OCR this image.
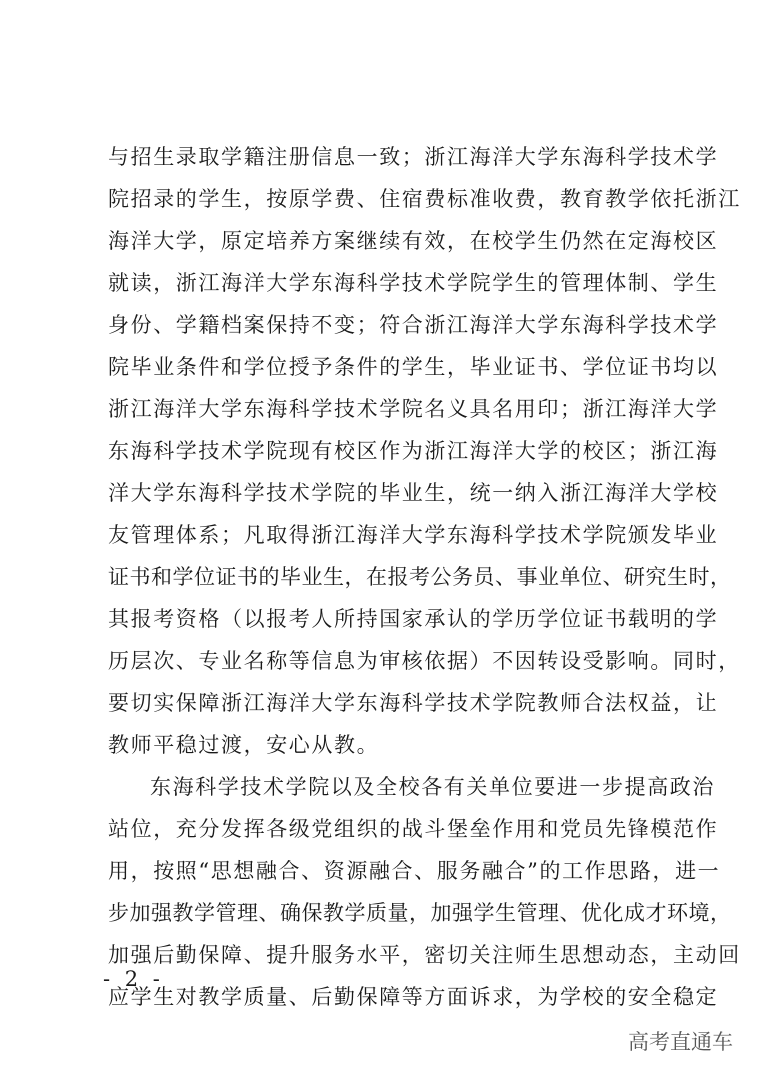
与招生录取学籍注册信息一致；浙江海洋大学东海科学技术学
院招录的学生，按原学费、住宿费标准收费，教育教学依托浙江
海洋大学，原定培养方案继续有效，在校学生仍然在定海校区
就读，浙江海洋大学东海科学技术学院学生的管理体制、学生
身份、学籍档案保持不变；符合浙江海洋大学东海科学技术学
院毕业条件和学位授予条件的学生，毕业证书、学位证书均以
浙江海洋大学东海科学技术学院名义具名用印；浙江海洋大学
东海科学技术学院现有校区作为浙江海洋大学的校区；浙江海
洋大学东海科学技术学院的毕业生，统一纳入浙江海洋大学校
友管理体系；凡取得浙江海洋大学东海科学技术学院颁发毕业
证书和学位证书的毕业生，在报考公务员、事业单位、研究生时，
其报考资格（以报考人所持国家承认的学历学位证书载明的学
历层次、专业名称等信息为审核依据）不因转设受影响。同时，
要切实保障浙江海洋大学东海科学技术学院教师合法权益，让
教师平稳过渡，安心从教。
东海科学技术学院以及全校各有关单位要进一步提高政治
站位，充分发挥各级党组织的战斗堡垒作用和党员先锋模范作
用，按照“思想融合、资源融合、服务融合”的工作思路，进一
步加强教学管理、确保教学质量，加强学生管理、优化成才环境，
加强后勤保障、提升服务水平，密切关注师生思想动态，主动回
应学生对教学质量、后勤保障等方面诉求，为学校的安全稳定
- 2 -
高考直通车
